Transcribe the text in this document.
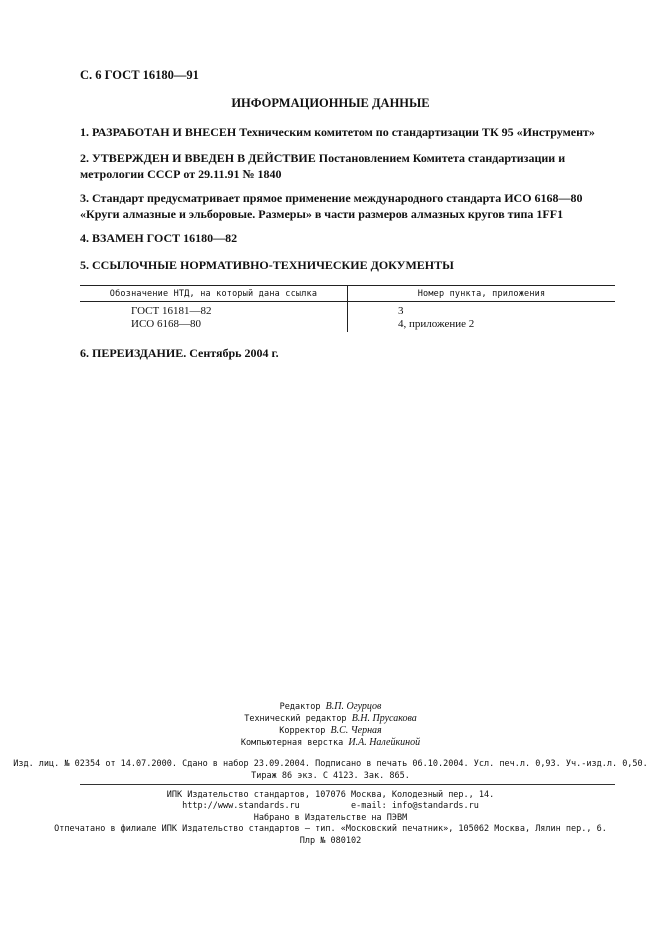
С. 6 ГОСТ 16180—91
ИНФОРМАЦИОННЫЕ ДАННЫЕ
1. РАЗРАБОТАН И ВНЕСЕН Техническим комитетом по стандартизации ТК 95 «Инструмент»
2. УТВЕРЖДЕН И ВВЕДЕН В ДЕЙСТВИЕ Постановлением Комитета стандартизации и метрологии СССР от 29.11.91 № 1840
3. Стандарт предусматривает прямое применение международного стандарта ИСО 6168—80 «Круги алмазные и эльборовые. Размеры» в части размеров алмазных кругов типа 1FF1
4. ВЗАМЕН ГОСТ 16180—82
5. ССЫЛОЧНЫЕ НОРМАТИВНО-ТЕХНИЧЕСКИЕ ДОКУМЕНТЫ
Обозначение НТД, на который дана ссылка	Номер пункта, приложения
ГОСТ 16181—82	3
ИСО 6168—80	4, приложение 2
6. ПЕРЕИЗДАНИЕ. Сентябрь 2004 г.
Редактор В.П. Огурцов
Технический редактор В.Н. Прусакова
Корректор В.С. Черная
Компьютерная верстка И.А. Налейкиной
Изд. лиц. № 02354 от 14.07.2000. Сдано в набор 23.09.2004. Подписано в печать 06.10.2004. Усл. печ.л. 0,93. Уч.-изд.л. 0,50.
Тираж 86 экз. С 4123. Зак. 865.
ИПК Издательство стандартов, 107076 Москва, Колодезный пер., 14.
http://www.standards.ru          e-mail: info@standards.ru
Набрано в Издательстве на ПЭВМ
Отпечатано в филиале ИПК Издательство стандартов — тип. «Московский печатник», 105062 Москва, Лялин пер., 6.
Плр № 080102
